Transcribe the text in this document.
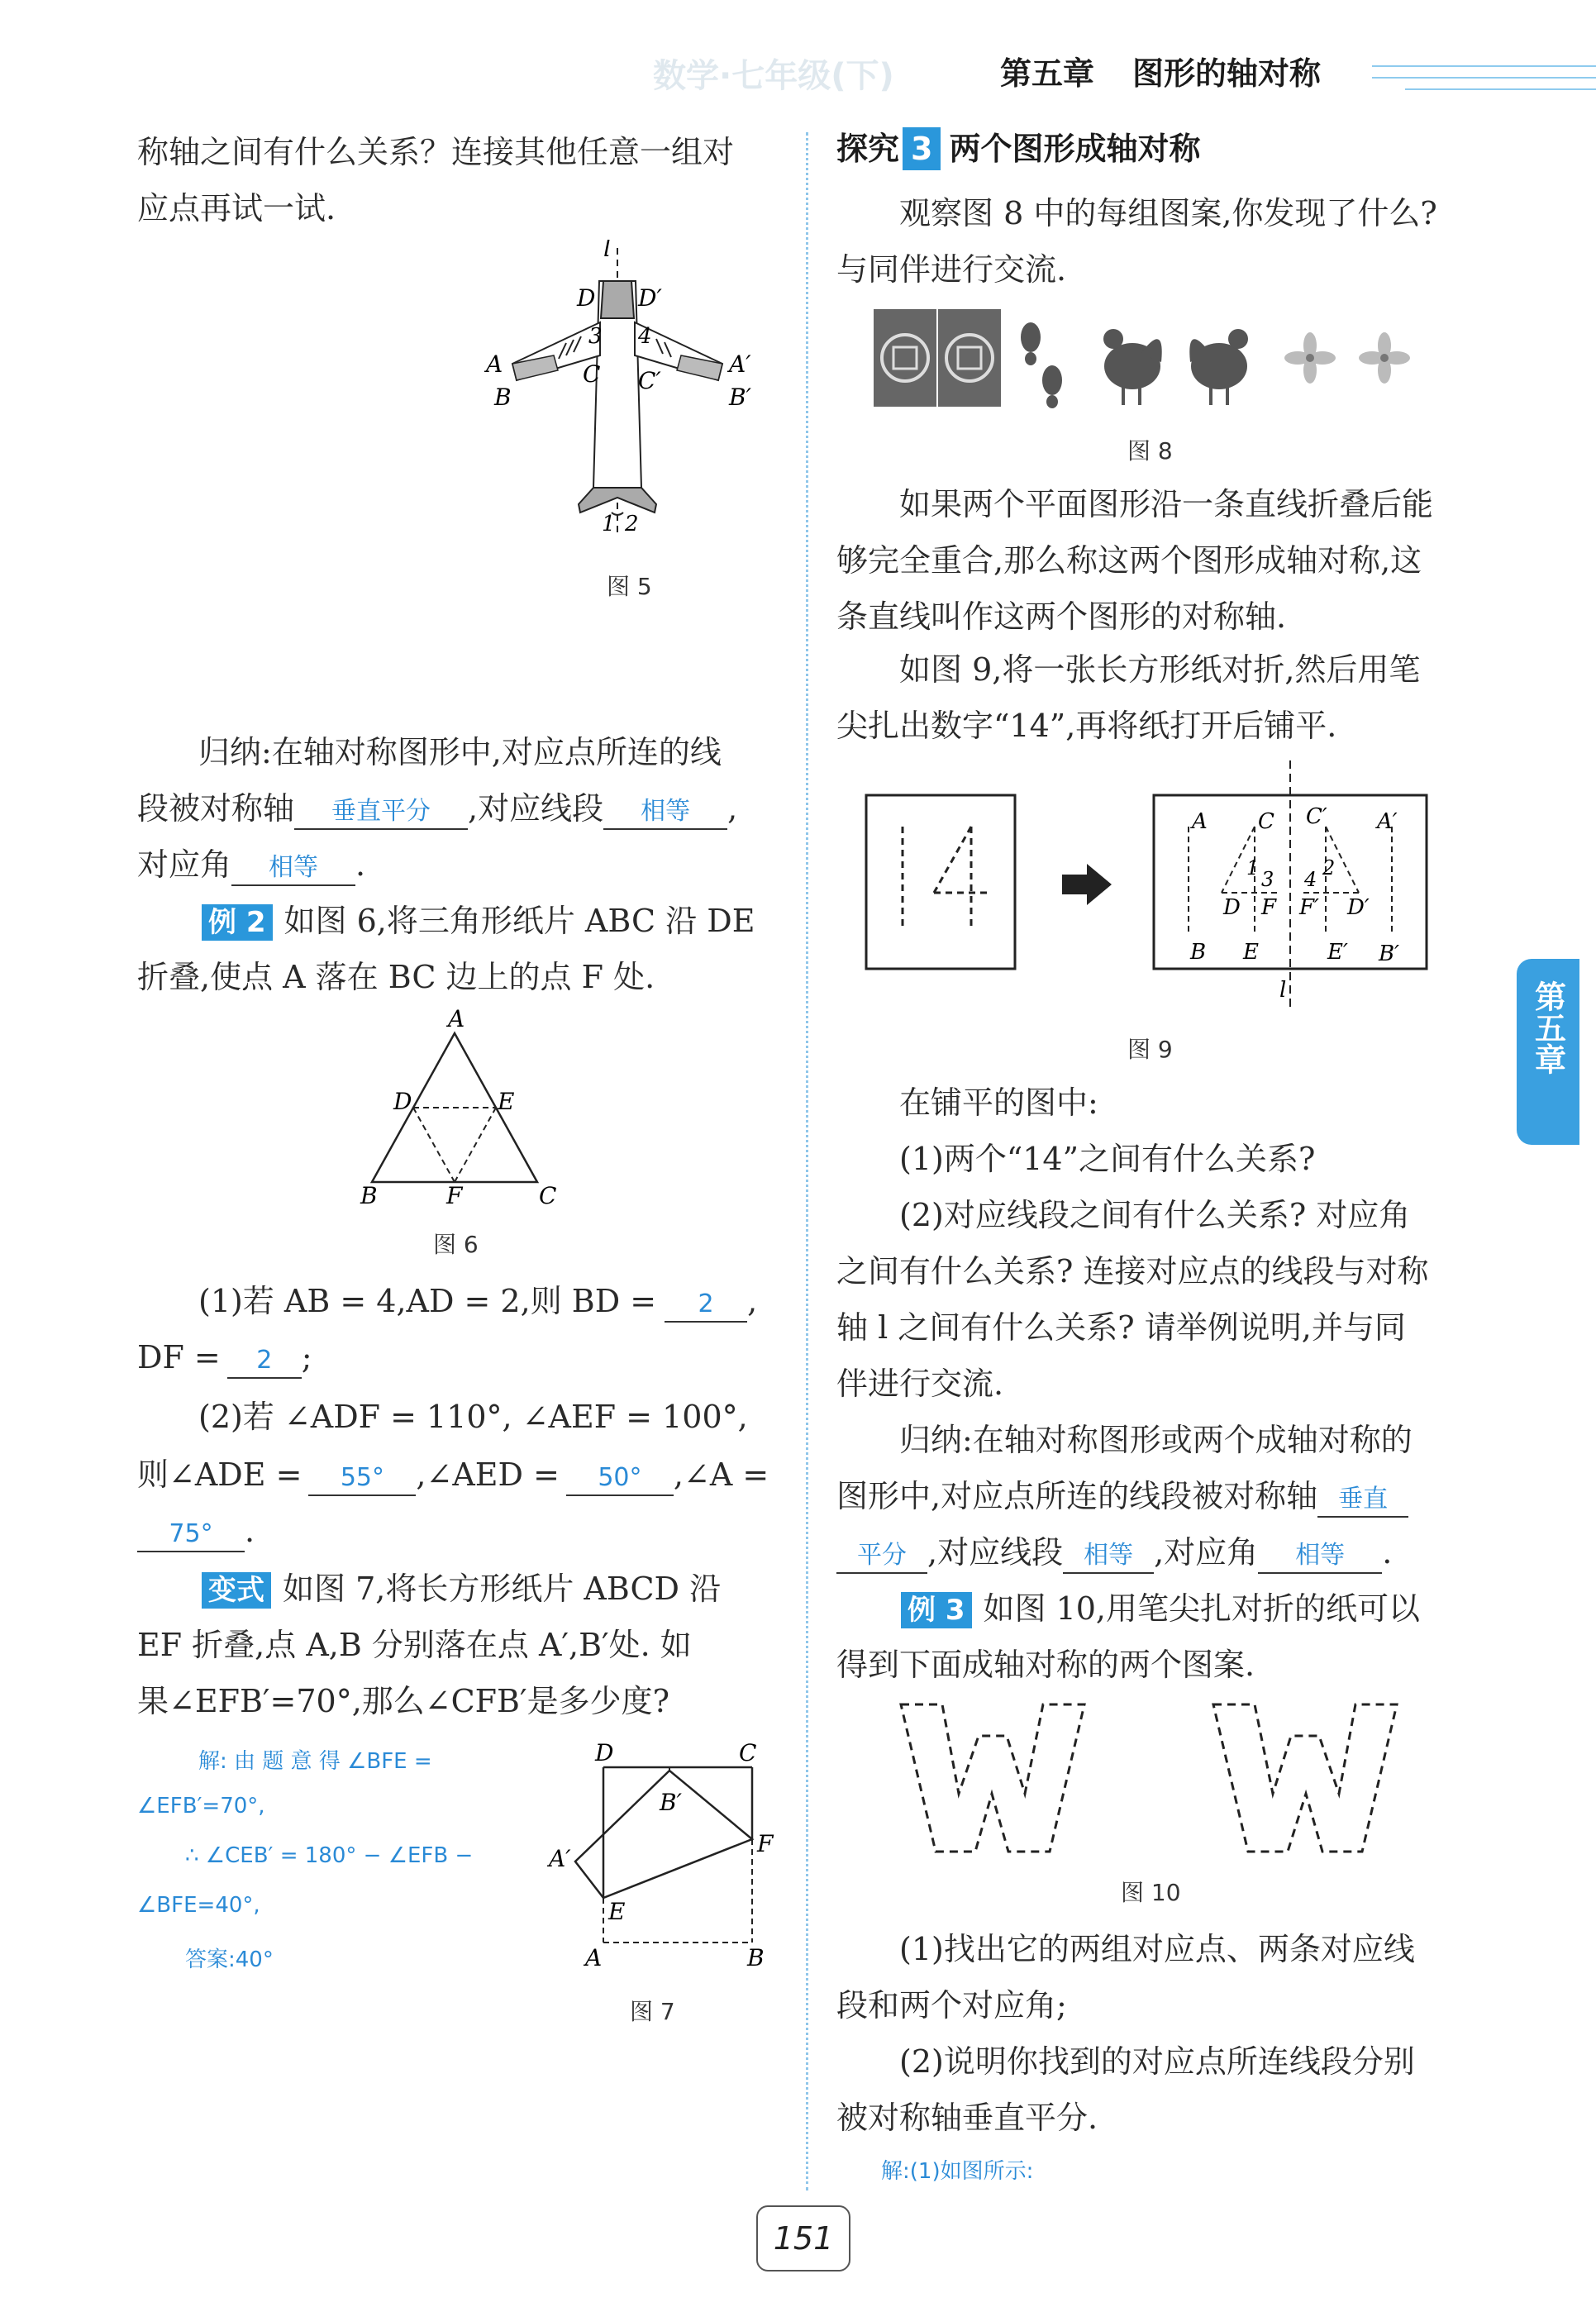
数学·七年级(下)	第五章 图形的轴对称
第五章
称轴之间有什么关系？连接其他任意一组对
应点再试一试.
l
D D′
A	A′
B	B′
3 4
C C′
1 2
图 5
归纳:在轴对称图形中,对应点所连的线
段被对称轴 垂直平分 ,对应线段 相等 ,
对应角 相等 .
例 2 如图 6,将三角形纸片 ABC 沿 DE
折叠,使点 A 落在 BC 边上的点 F 处.
A
D	E
B	F	C
图 6
(1)若 AB = 4,AD = 2,则 BD = 2 ,
DF = 2 ;
(2)若 ∠ADF = 110°, ∠AEF = 100°,
则∠ADE = 55° ,∠AED = 50° ,∠A =
75° .
变式 如图 7,将长方形纸片 ABCD 沿
EF 折叠,点 A,B 分别落在点 A′,B′处. 如
果∠EFB′=70°,那么∠CFB′是多少度?
解: 由 题 意 得 ∠BFE =
∠EFB′=70°,
∴ ∠CEB′ = 180° − ∠EFB −
∠BFE=40°,
答案:40°
D	C
B′
F
A′
E
A	B
图 7
探究 3 两个图形成轴对称
观察图 8 中的每组图案,你发现了什么?
与同伴进行交流.
图 8
如果两个平面图形沿一条直线折叠后能
够完全重合,那么称这两个图形成轴对称,这
条直线叫作这两个图形的对称轴.
如图 9,将一张长方形纸对折,然后用笔
尖扎出数字“14”,再将纸打开后铺平.
A C C′ A′
1 3 4 2
D F F′ D′
B E	E′ B′
l
图 9
在铺平的图中:
(1)两个“14”之间有什么关系?
(2)对应线段之间有什么关系? 对应角
之间有什么关系? 连接对应点的线段与对称
轴 l 之间有什么关系? 请举例说明,并与同
伴进行交流.
归纳:在轴对称图形或两个成轴对称的
图形中,对应点所连的线段被对称轴 垂直
平分 ,对应线段 相等 ,对应角 相等 .
例 3 如图 10,用笔尖扎对折的纸可以
得到下面成轴对称的两个图案.
图 10
(1)找出它的两组对应点、两条对应线
段和两个对应角;
(2)说明你找到的对应点所连线段分别
被对称轴垂直平分.
解:(1)如图所示:
151
